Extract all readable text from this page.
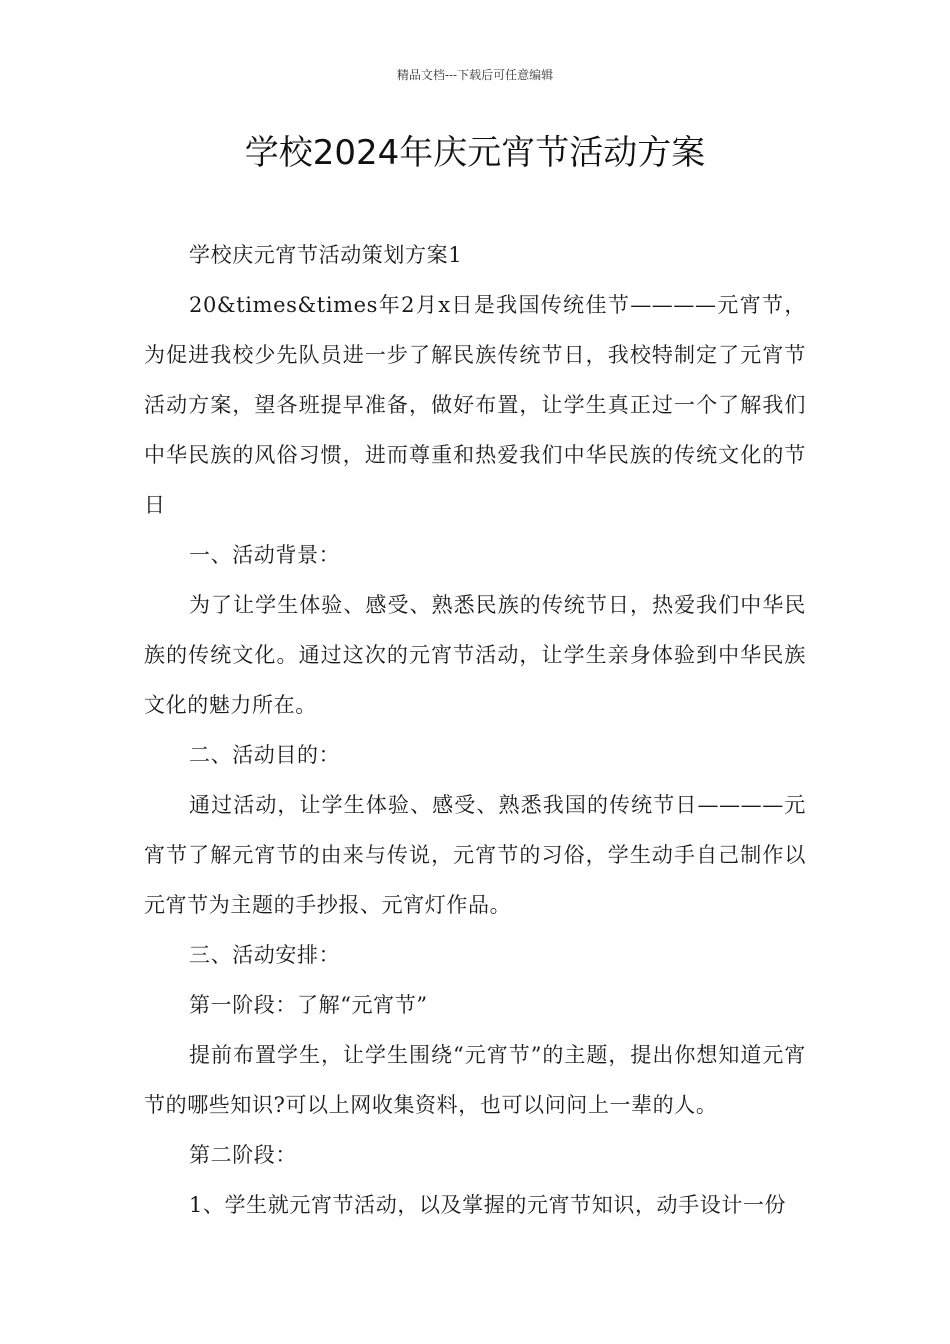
精品文档---下载后可任意编辑
学校2024年庆元宵节活动方案

学校庆元宵节活动策划方案1

20&times&times年2月x日是我国传统佳节————元宵节，为促进我校少先队员进一步了解民族传统节日，我校特制定了元宵节活动方案，望各班提早准备，做好布置，让学生真正过一个了解我们中华民族的风俗习惯，进而尊重和热爱我们中华民族的传统文化的节日

一、活动背景：

为了让学生体验、感受、熟悉民族的传统节日，热爱我们中华民族的传统文化。通过这次的元宵节活动，让学生亲身体验到中华民族文化的魅力所在。

二、活动目的：

通过活动，让学生体验、感受、熟悉我国的传统节日————元宵节了解元宵节的由来与传说，元宵节的习俗，学生动手自己制作以元宵节为主题的手抄报、元宵灯作品。

三、活动安排：

第一阶段：了解“元宵节”

提前布置学生，让学生围绕“元宵节”的主题，提出你想知道元宵节的哪些知识?可以上网收集资料，也可以问问上一辈的人。

第二阶段：

1、学生就元宵节活动，以及掌握的元宵节知识，动手设计一份
